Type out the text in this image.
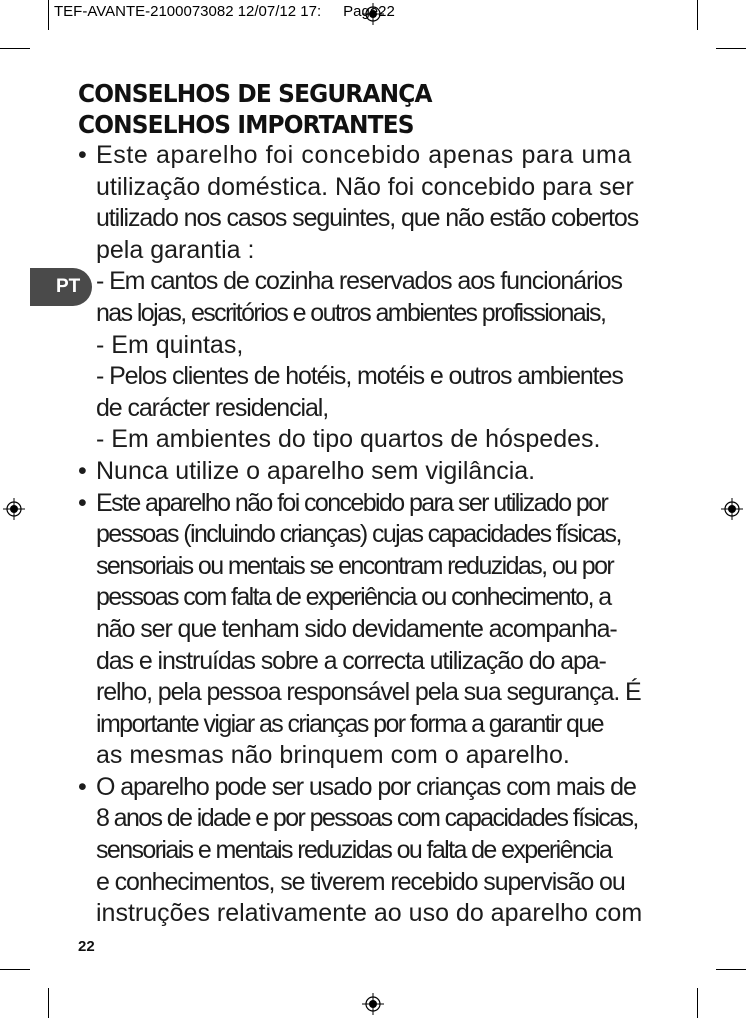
TEF-AVANTE-2100073082 12/07/12 17: Page22
PT
CONSELHOS DE SEGURANÇA
CONSELHOS IMPORTANTES
• Este aparelho foi concebido apenas para uma
utilização doméstica. Não foi concebido para ser
utilizado nos casos seguintes, que não estão cobertos
pela garantia :
- Em cantos de cozinha reservados aos funcionários
nas lojas, escritórios e outros ambientes profissionais,
- Em quintas,
- Pelos clientes de hotéis, motéis e outros ambientes
de carácter residencial,
- Em ambientes do tipo quartos de hóspedes.
• Nunca utilize o aparelho sem vigilância.
• Este aparelho não foi concebido para ser utilizado por
pessoas (incluindo crianças) cujas capacidades físicas,
sensoriais ou mentais se encontram reduzidas, ou por
pessoas com falta de experiência ou conhecimento, a
não ser que tenham sido devidamente acompanha-
das e instruídas sobre a correcta utilização do apa-
relho, pela pessoa responsável pela sua segurança. É
importante vigiar as crianças por forma a garantir que
as mesmas não brinquem com o aparelho.
• O aparelho pode ser usado por crianças com mais de
8 anos de idade e por pessoas com capacidades físicas,
sensoriais e mentais reduzidas ou falta de experiência
e conhecimentos, se tiverem recebido supervisão ou
instruções relativamente ao uso do aparelho com
22
